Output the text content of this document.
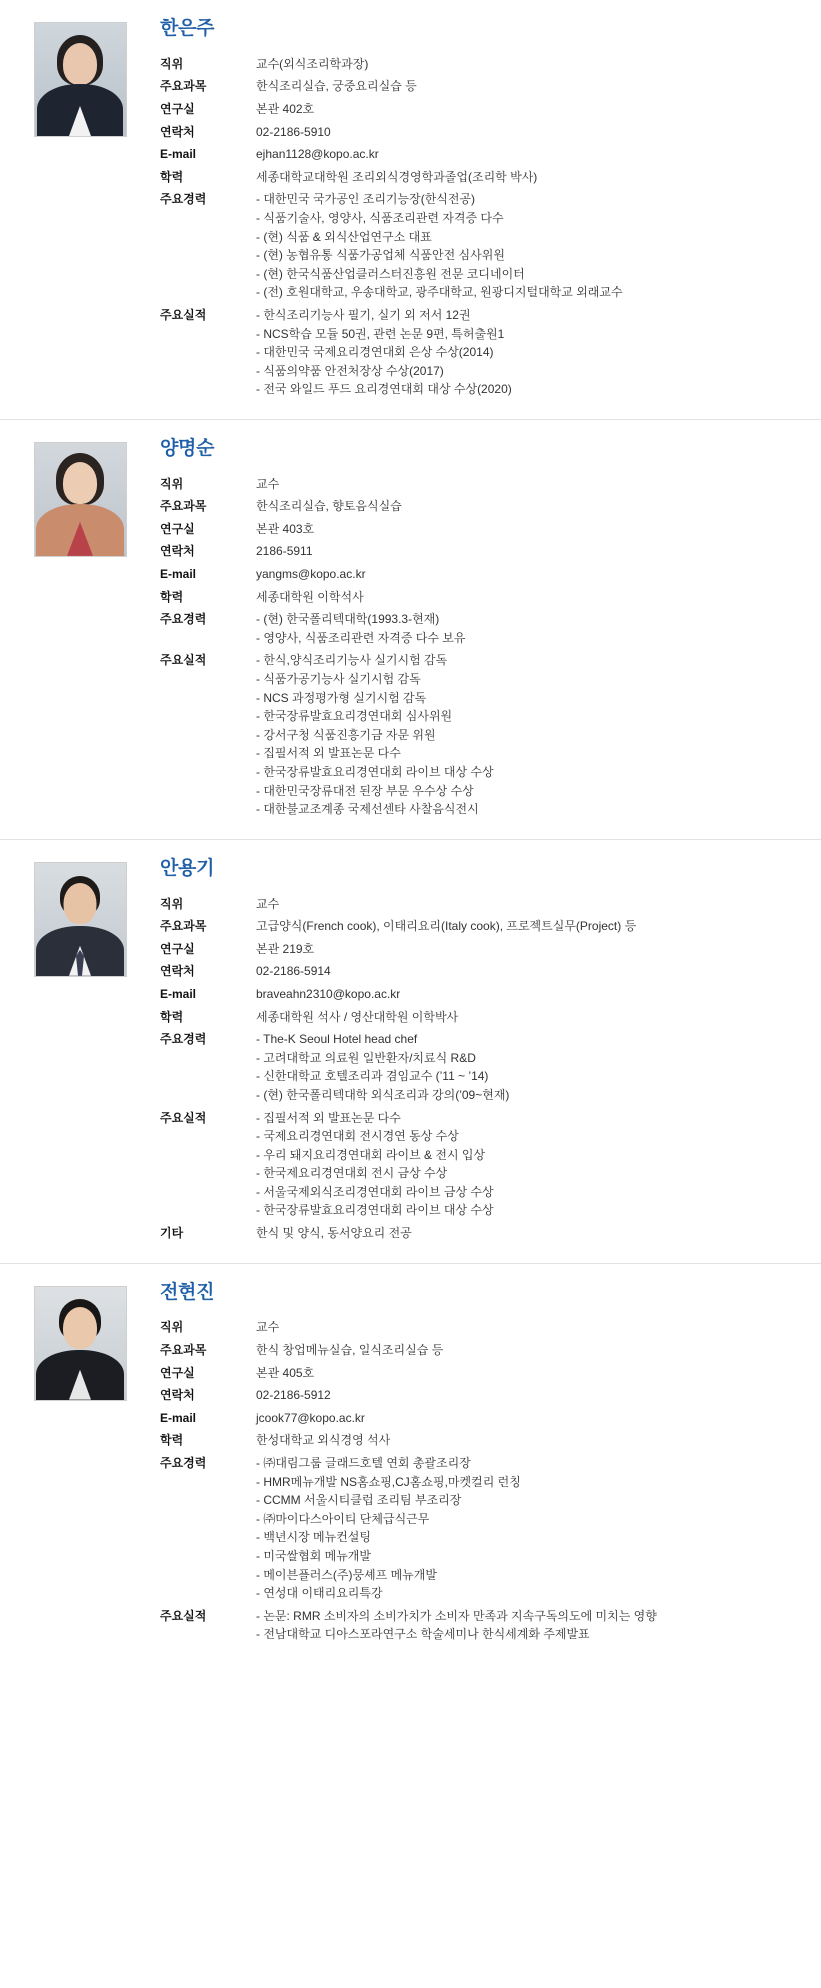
한은주
직위	교수(외식조리학과장)
주요과목	한식조리실습, 궁중요리실습 등
연구실	본관 402호
연락처	02-2186-5910
E-mail	ejhan1128@kopo.ac.kr
학력	세종대학교대학원 조리외식경영학과졸업(조리학 박사)
주요경력	- 대한민국 국가공인 조리기능장(한식전공)
- 식품기술사, 영양사, 식품조리관련 자격증 다수
- (현) 식품 & 외식산업연구소 대표
- (현) 농협유통 식품가공업체 식품안전 심사위원
- (현) 한국식품산업클러스터진흥원 전문 코디네이터
- (전) 호원대학교, 우송대학교, 광주대학교, 원광디지털대학교 외래교수

주요실적	- 한식조리기능사 필기, 실기 외 저서 12권
- NCS학습 모듈 50권, 관련 논문 9편, 특허출원1
- 대한민국 국제요리경연대회 은상 수상(2014)
- 식품의약품 안전처장상 수상(2017)
- 전국 와일드 푸드 요리경연대회 대상 수상(2020)
양명순
직위	교수
주요과목	한식조리실습, 향토음식실습
연구실	본관 403호
연락처	2186-5911
E-mail	yangms@kopo.ac.kr
학력	세종대학원 이학석사
주요경력	- (현) 한국폴리텍대학(1993.3-현재)
- 영양사, 식품조리관련 자격증 다수 보유

주요실적	- 한식,양식조리기능사 실기시험 감독
- 식품가공기능사 실기시험 감독
- NCS 과정평가형 실기시험 감독
- 한국장류발효요리경연대회 심사위원
- 강서구청 식품진흥기금 자문 위원
- 집필서적 외 발표논문 다수
- 한국장류발효요리경연대회 라이브 대상 수상
- 대한민국장류대전 된장 부문 우수상 수상
- 대한불교조계종 국제선센타 사찰음식전시
안용기
직위	교수
주요과목	고급양식(French cook), 이태리요리(Italy cook), 프로젝트실무(Project) 등
연구실	본관 219호
연락처	02-2186-5914
E-mail	braveahn2310@kopo.ac.kr
학력	세종대학원 석사 / 영산대학원 이학박사
주요경력	- The-K Seoul Hotel head chef
- 고려대학교 의료원 일반환자/치료식 R&D
- 신한대학교 호텔조리과 겸임교수 (’11 ~ ’14)
- (현) 한국폴리텍대학 외식조리과 강의(’09~현재)

주요실적	- 집필서적 외 발표논문 다수
- 국제요리경연대회 전시경연 동상 수상
- 우리 돼지요리경연대회 라이브 & 전시 입상
- 한국제요리경연대회 전시 금상 수상
- 서울국제외식조리경연대회 라이브 금상 수상
- 한국장류발효요리경연대회 라이브 대상 수상

기타	한식 및 양식, 동서양요리 전공
전현진
직위	교수
주요과목	한식 창업메뉴실습, 일식조리실습 등
연구실	본관 405호
연락처	02-2186-5912
E-mail	jcook77@kopo.ac.kr
학력	한성대학교 외식경영 석사
주요경력	- ㈜대림그룹 글래드호텔 연회 총괄조리장
- HMR메뉴개발 NS홈쇼핑,CJ홈쇼핑,마켓컬리 런칭
- CCMM 서울시티클럽 조리팀 부조리장
- ㈜마이다스아이티 단체급식근무
- 백년시장 메뉴컨설팅
- 미국쌀협회 메뉴개발
- 메이븐플러스(주)뭉셰프 메뉴개발
- 연성대 이태리요리특강

주요실적	- 논문: RMR 소비자의 소비가치가 소비자 만족과 지속구독의도에 미치는 영향
- 전남대학교 디아스포라연구소 학술세미나 한식세계화 주제발표
